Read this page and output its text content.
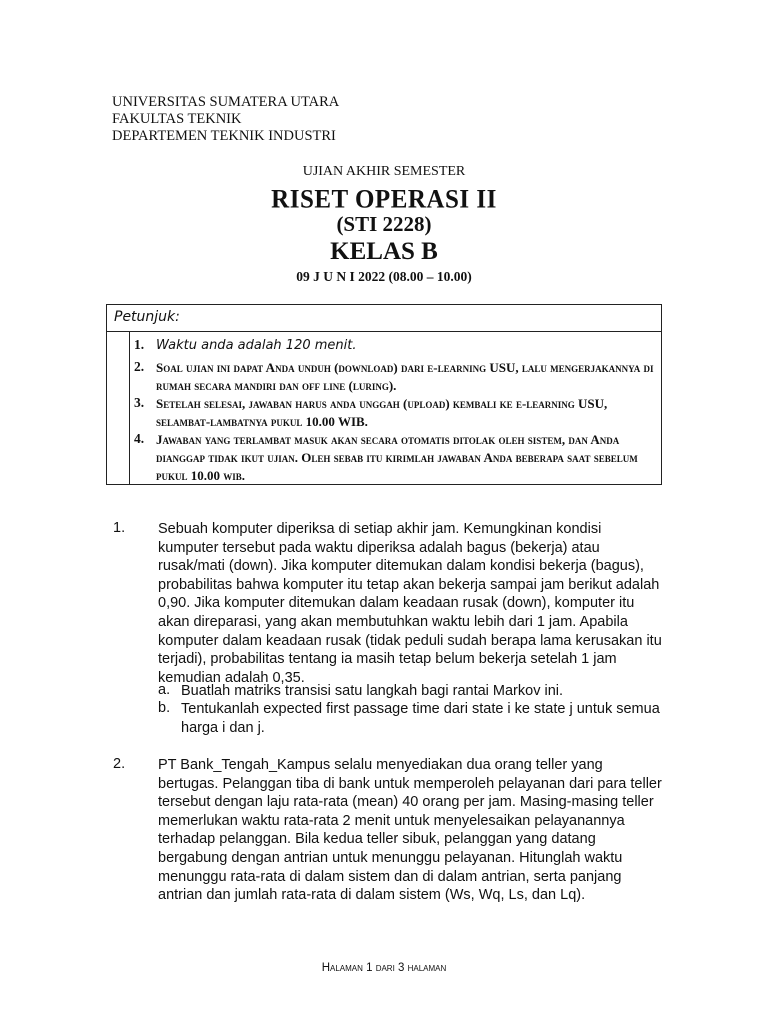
UNIVERSITAS SUMATERA UTARA
FAKULTAS TEKNIK
DEPARTEMEN TEKNIK INDUSTRI
UJIAN AKHIR SEMESTER
RISET OPERASI II
(STI 2228)
KELAS B
09 J U N I 2022 (08.00 – 10.00)
Petunjuk:
1. Waktu anda adalah 120 menit.
2. Soal ujian ini dapat Anda unduh (download) dari e-learning USU, lalu mengerjakannya di rumah secara mandiri dan off line (luring).
3. Setelah selesai, jawaban harus anda unggah (upload) kembali ke e-learning USU, selambat-lambatnya pukul 10.00 WIB.
4. Jawaban yang terlambat masuk akan secara otomatis ditolak oleh sistem, dan Anda dianggap tidak ikut ujian. Oleh sebab itu kirimlah jawaban Anda beberapa saat sebelum pukul 10.00 wib.
1. Sebuah komputer diperiksa di setiap akhir jam. Kemungkinan kondisi kumputer tersebut pada waktu diperiksa adalah bagus (bekerja) atau rusak/mati (down). Jika komputer ditemukan dalam kondisi bekerja (bagus), probabilitas bahwa komputer itu tetap akan bekerja sampai jam berikut adalah 0,90. Jika komputer ditemukan dalam keadaan rusak (down), komputer itu akan direparasi, yang akan membutuhkan waktu lebih dari 1 jam. Apabila komputer dalam keadaan rusak (tidak peduli sudah berapa lama kerusakan itu terjadi), probabilitas tentang ia masih tetap belum bekerja setelah 1 jam kemudian adalah 0,35.
a. Buatlah matriks transisi satu langkah bagi rantai Markov ini.
b. Tentukanlah expected first passage time dari state i ke state j untuk semua harga i dan j.
2. PT Bank_Tengah_Kampus selalu menyediakan dua orang teller yang bertugas. Pelanggan tiba di bank untuk memperoleh pelayanan dari para teller tersebut dengan laju rata-rata (mean) 40 orang per jam. Masing-masing teller memerlukan waktu rata-rata 2 menit untuk menyelesaikan pelayanannya terhadap pelanggan. Bila kedua teller sibuk, pelanggan yang datang bergabung dengan antrian untuk menunggu pelayanan. Hitunglah waktu menunggu rata-rata di dalam sistem dan di dalam antrian, serta panjang antrian dan jumlah rata-rata di dalam sistem (Ws, Wq, Ls, dan Lq).
Halaman 1 dari 3 halaman
